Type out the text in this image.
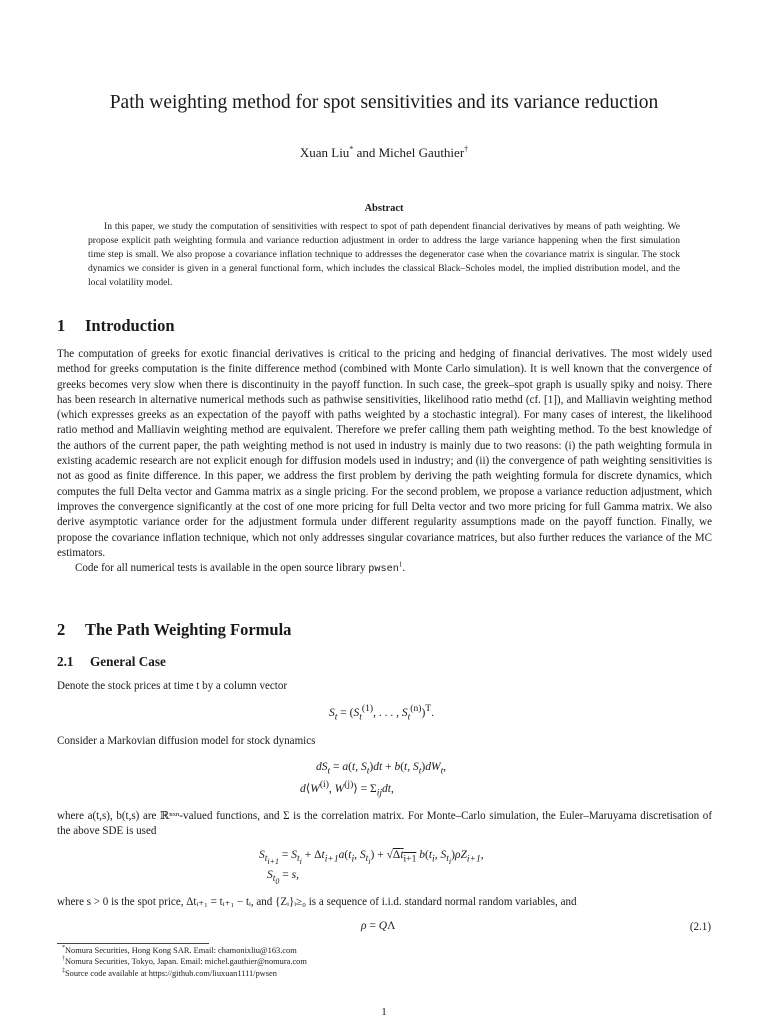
Path weighting method for spot sensitivities and its variance reduction
Xuan Liu* and Michel Gauthier†
Abstract

In this paper, we study the computation of sensitivities with respect to spot of path dependent financial derivatives by means of path weighting. We propose explicit path weighting formula and variance reduction adjustment in order to address the large variance happening when the first simulation time step is small. We also propose a covariance inflation technique to addresses the degenerator case when the covariance matrix is singular. The stock dynamics we consider is given in a general functional form, which includes the classical Black–Scholes model, the implied distribution model, and the local volatility model.

1 Introduction

The computation of greeks for exotic financial derivatives is critical to the pricing and hedging of financial derivatives. The most widely used method for greeks computation is the finite difference method (combined with Monte Carlo simulation). It is well known that the convergence of greeks becomes very slow when there is discontinuity in the payoff function. In such case, the greek–spot graph is usually spiky and noisy. There has been research in alternative numerical methods such as pathwise sensitivities, likelihood ratio methd (cf. [1]), and Malliavin weighting method (which expresses greeks as an expectation of the payoff with paths weighted by a stochastic integral). For many cases of interest, the likelihood ratio method and Malliavin weighting method are equivalent. Therefore we prefer calling them path weighting method. To the best knowledge of the authors of the current paper, the path weighting method is not used in industry is mainly due to two reasons: (i) the path weighting formula in existing academic research are not explicit enough for diffusion models used in industry; and (ii) the convergence of path weighting sensitivities is not as good as finite difference. In this paper, we address the first problem by deriving the path weighting formula for discrete dynamics, which computes the full Delta vector and Gamma matrix as a single pricing. For the second problem, we propose a variance reduction adjustment, which improves the convergence significantly at the cost of one more pricing for full Delta vector and two more pricing for full Gamma matrix. We also derive asymptotic variance order for the adjustment formula under different regularity assumptions made on the payoff function. Finally, we propose the covariance inflation technique, which not only addresses singular covariance matrices, but also further reduces the variance of the MC estimators.

Code for all numerical tests is available in the open source library pwsen$^1$.

2 The Path Weighting Formula
2.1 General Case
Denote the stock prices at time t by a column vector
$S_t = (S_t^{(1)}$, . . . , $S_t^{(n)})^T$.
Consider a Markovian diffusion model for stock dynamics
$dS_t = a(t$, $S_t)dt + b(t$, $S_t)dW_t$,
$d⟨W^{(i)}$, $W^{(j)}⟩ = \Sigma_{ij}dt$,

where a(t,s), b(t,s) are ℝⁿˣⁿ-valued functions, and Σ is the correlation matrix. For Monte–Carlo simulation, the Euler–Maruyama discretisation of the above SDE is used

$S_{t_{i+1}} = S_{t_i} + \Delta t_{i+1}a(t_i$, $S_{t_i}) + √\Delta t_{i+1}$ $b(t_i$, $S_{t_i})\rho Z_{i+1}$,
$S_{t_0} = s$,
where s > 0 is the spot price, Δtᵢ₊₁ = tᵢ₊₁ − tᵢ, and {Zᵢ}ᵢ≥₀ is a sequence of i.i.d. standard normal random variables, and
ρ = QΛ	(2.1)
*Nomura Securities, Hong Kong SAR. Email: chamonixliu@163.com
†Nomura Securities, Tokyo, Japan. Email: michel.gauthier@nomura.com
‡Source code available at https://github.com/liuxuan1111/pwsen
1
